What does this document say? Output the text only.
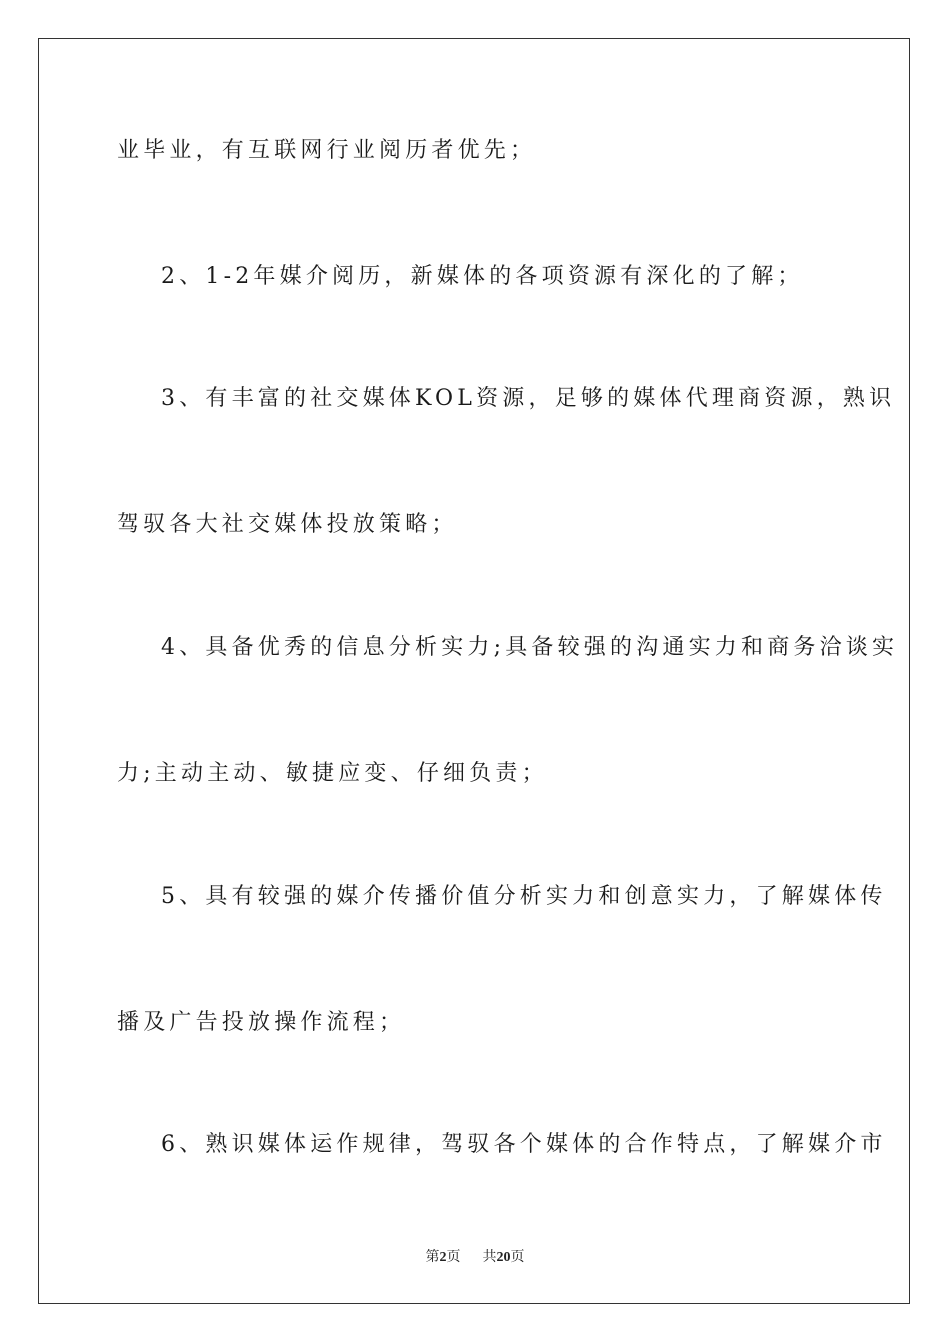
业毕业，有互联网行业阅历者优先；
2、1-2年媒介阅历，新媒体的各项资源有深化的了解；
3、有丰富的社交媒体KOL资源，足够的媒体代理商资源，熟识
驾驭各大社交媒体投放策略；
4、具备优秀的信息分析实力;具备较强的沟通实力和商务洽谈实
力;主动主动、敏捷应变、仔细负责；
5、具有较强的媒介传播价值分析实力和创意实力，了解媒体传
播及广告投放操作流程；
6、熟识媒体运作规律，驾驭各个媒体的合作特点，了解媒介市
第2页 共20页
